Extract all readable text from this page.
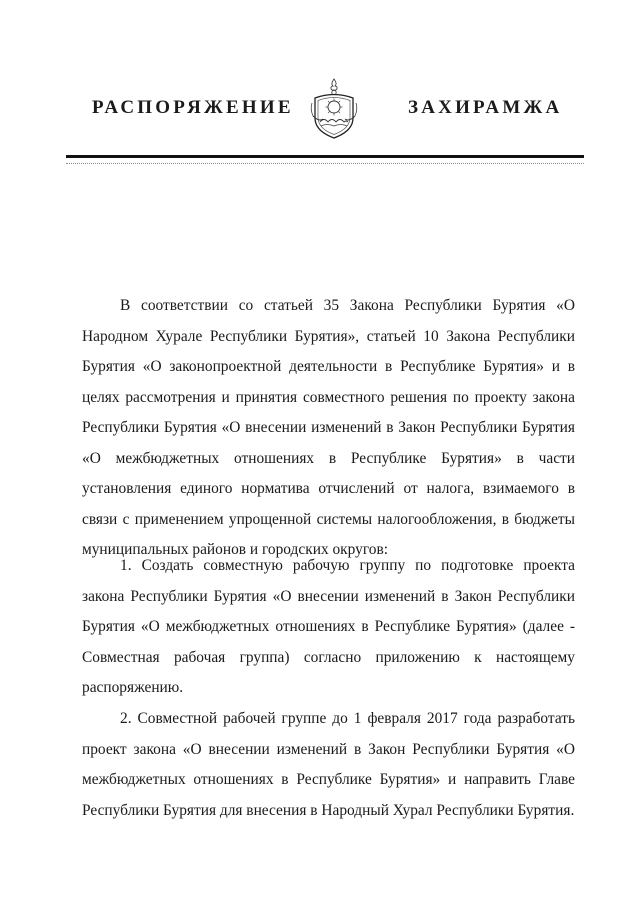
РАСПОРЯЖЕНИЕ	ЗАХИРАМЖА

В соответствии со статьей 35 Закона Республики Бурятия «О Народном Хурале Республики Бурятия», статьей 10 Закона Республики Бурятия «О законопроектной деятельности в Республике Бурятия» и в целях рассмотрения и принятия совместного решения по проекту закона Республики Бурятия «О внесении изменений в Закон Республики Бурятия «О межбюджетных отношениях в Республике Бурятия» в части установления единого норматива отчислений от налога, взимаемого в связи с применением упрощенной системы налогообложения, в бюджеты муниципальных районов и городских округов:

1. Создать совместную рабочую группу по подготовке проекта закона Республики Бурятия «О внесении изменений в Закон Республики Бурятия «О межбюджетных отношениях в Республике Бурятия» (далее - Совместная рабочая группа) согласно приложению к настоящему распоряжению.

2. Совместной рабочей группе до 1 февраля 2017 года разработать проект закона «О внесении изменений в Закон Республики Бурятия «О межбюджетных отношениях в Республике Бурятия» и направить Главе Республики Бурятия для внесения в Народный Хурал Республики Бурятия.
